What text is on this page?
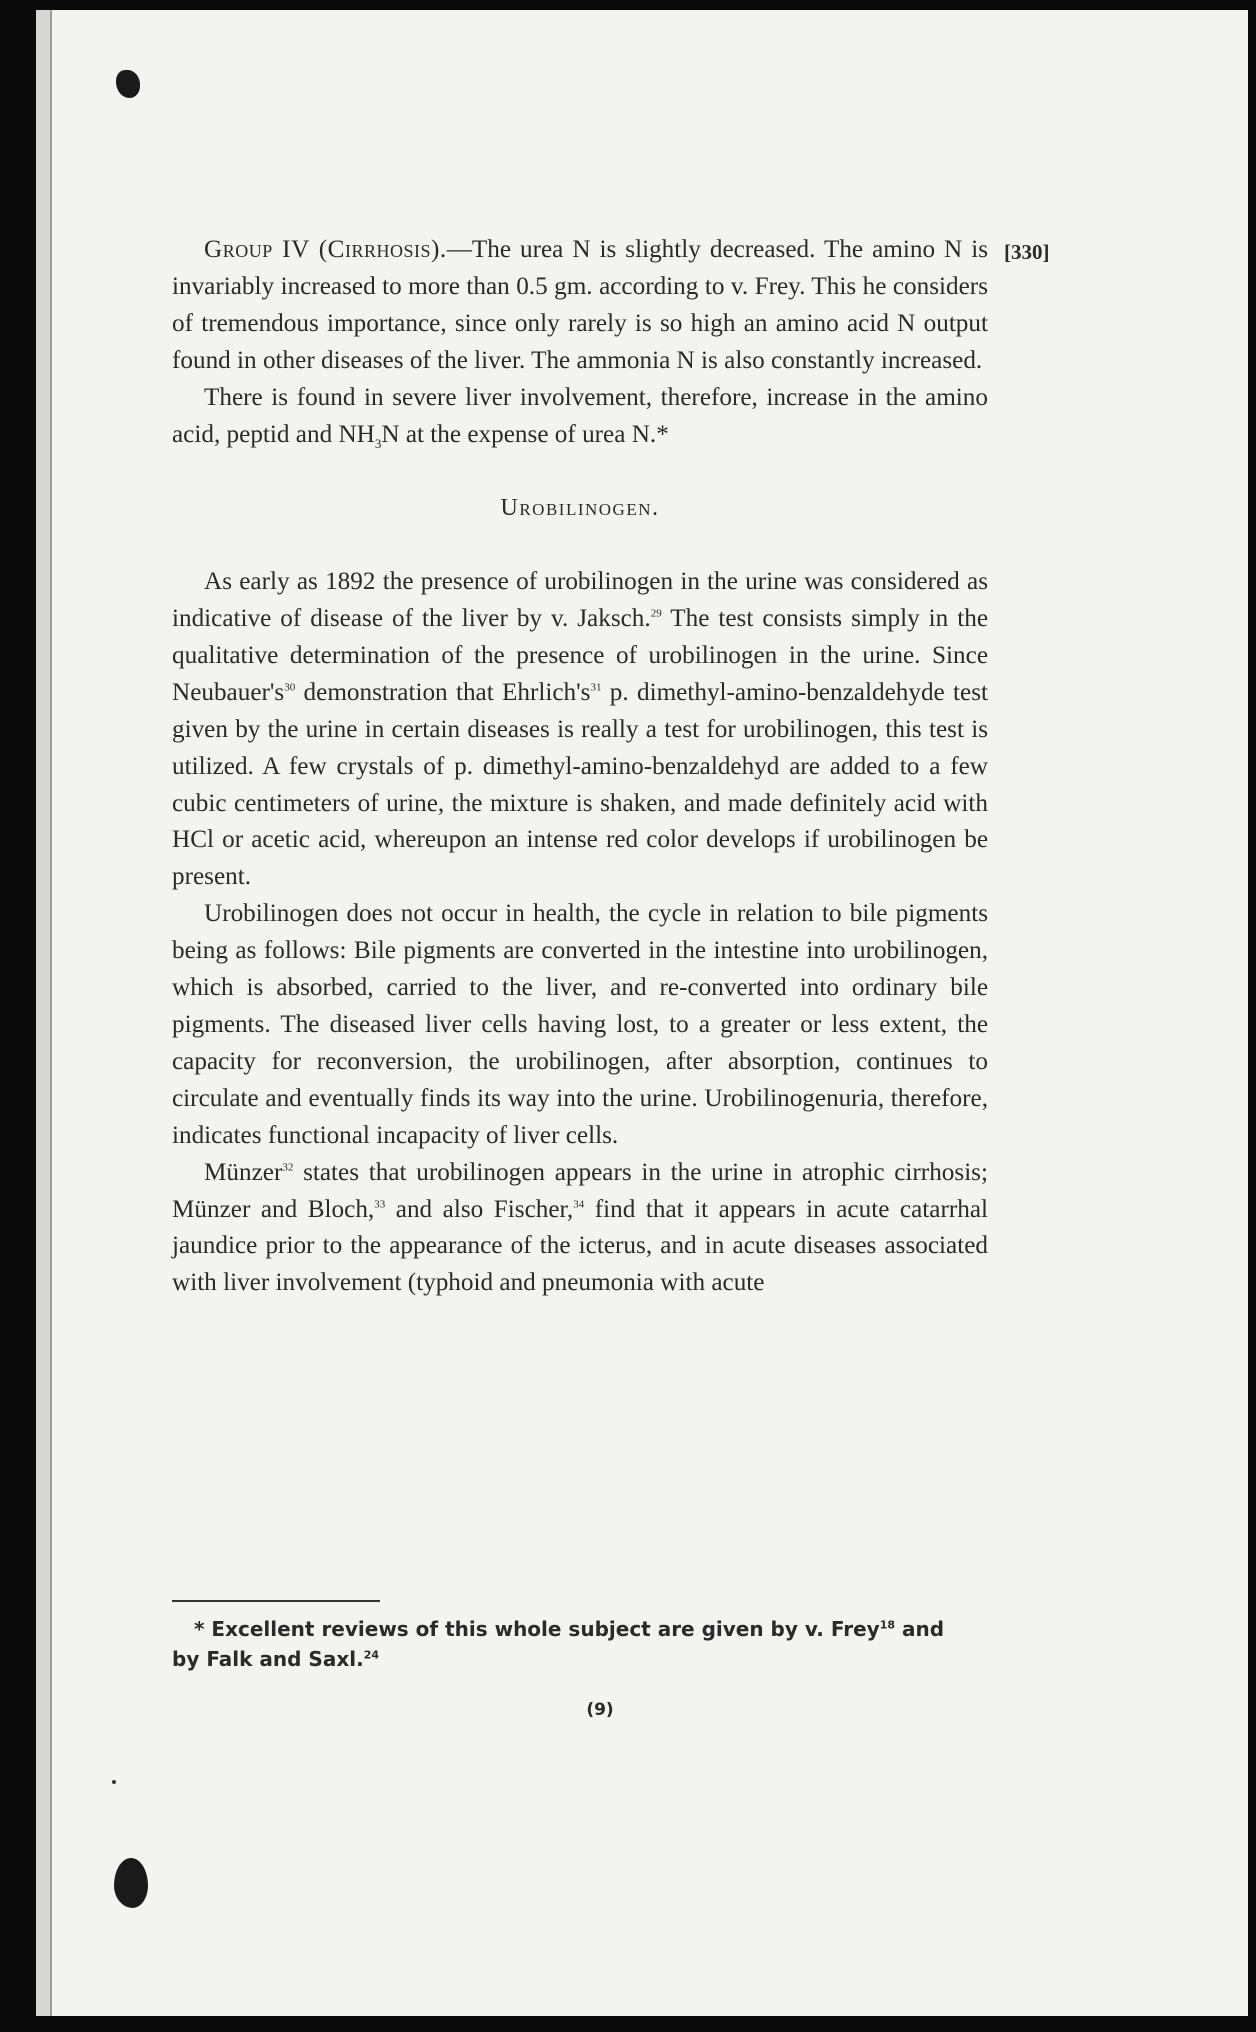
[330]

Group IV (Cirrhosis).—The urea N is slightly decreased. The amino N is invariably increased to more than 0.5 gm. according to v. Frey. This he considers of tremendous importance, since only rarely is so high an amino acid N output found in other diseases of the liver. The ammonia N is also constantly increased.

There is found in severe liver involvement, therefore, increase in the amino acid, peptid and $NH_3N$ at the expense of urea N.*

Urobilinogen.

As early as 1892 the presence of urobilinogen in the urine was considered as indicative of disease of the liver by v. Jaksch.$^{29}$ The test consists simply in the qualitative determination of the presence of urobilinogen in the urine. Since $Neubauer's^{30}$ demonstration that $Ehrlich's^{31}$ p. dimethyl-amino-benzaldehyde test given by the urine in certain diseases is really a test for urobilinogen, this test is utilized. A few crystals of p. dimethyl-amino-benzaldehyd are added to a few cubic centimeters of urine, the mixture is shaken, and made definitely acid with HCl or acetic acid, whereupon an intense red color develops if urobilinogen be present.

Urobilinogen does not occur in health, the cycle in relation to bile pigments being as follows: Bile pigments are converted in the intestine into urobilinogen, which is absorbed, carried to the liver, and re-converted into ordinary bile pigments. The diseased liver cells having lost, to a greater or less extent, the capacity for reconversion, the urobilinogen, after absorption, continues to circulate and eventually finds its way into the urine. Urobilinogenuria, therefore, indicates functional incapacity of liver cells.

Münzer$^{32}$ states that urobilinogen appears in the urine in atrophic cirrhosis; Münzer and Bloch,$^{33}$ and also Fischer,$^{34}$ find that it appears in acute catarrhal jaundice prior to the appearance of the icterus, and in acute diseases associated with liver involvement (typhoid and pneumonia with acute

* Excellent reviews of this whole subject are given by v. Frey$^{18}$ and by Falk and Saxl.$^{24}$

(9)
